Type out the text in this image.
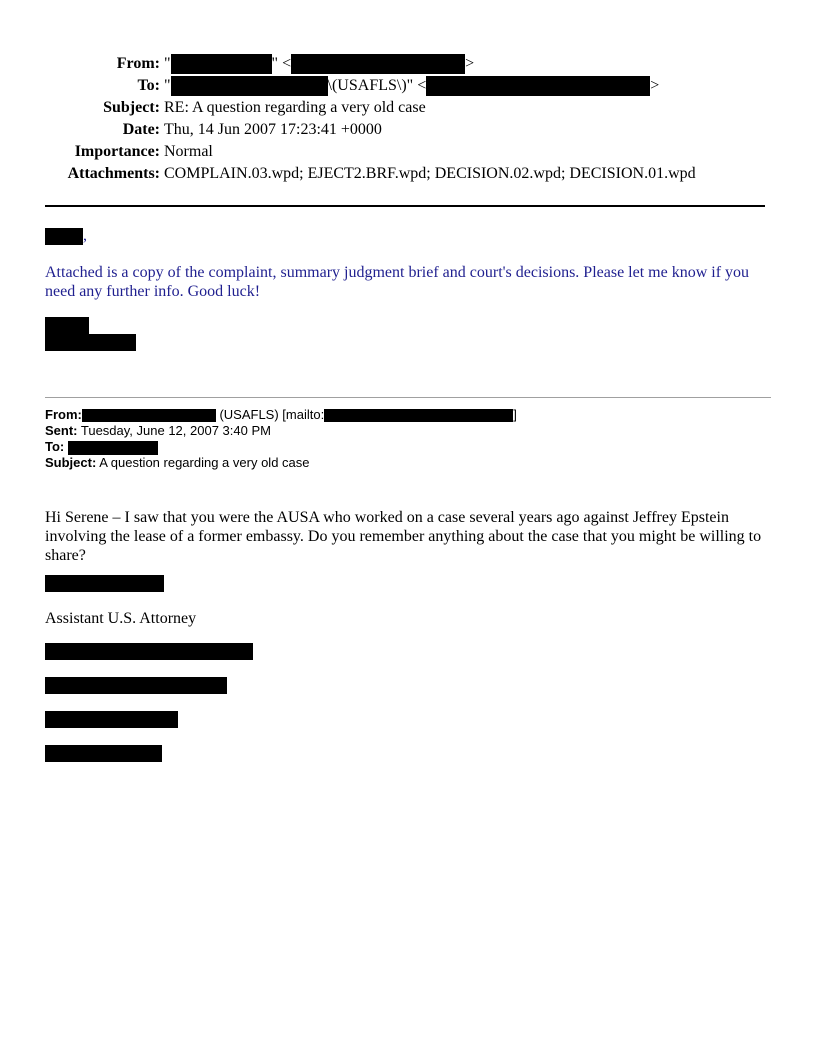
From: "	" <	>
To: "	\(USAFLS\)" <	>
Subject: RE: A question regarding a very old case
Date: Thu, 14 Jun 2007 17:23:41 +0000
Importance: Normal
Attachments: COMPLAIN.03.wpd; EJECT2.BRF.wpd; DECISION.02.wpd; DECISION.01.wpd
,
Attached is a copy of the complaint, summary judgment brief and court's decisions. Please let me know if you need any further info. Good luck!
From:	(USAFLS) [mailto:	]
Sent: Tuesday, June 12, 2007 3:40 PM
To:
Subject: A question regarding a very old case
Hi Serene – I saw that you were the AUSA who worked on a case several years ago against Jeffrey Epstein involving the lease of a former embassy. Do you remember anything about the case that you might be willing to share?
Assistant U.S. Attorney
